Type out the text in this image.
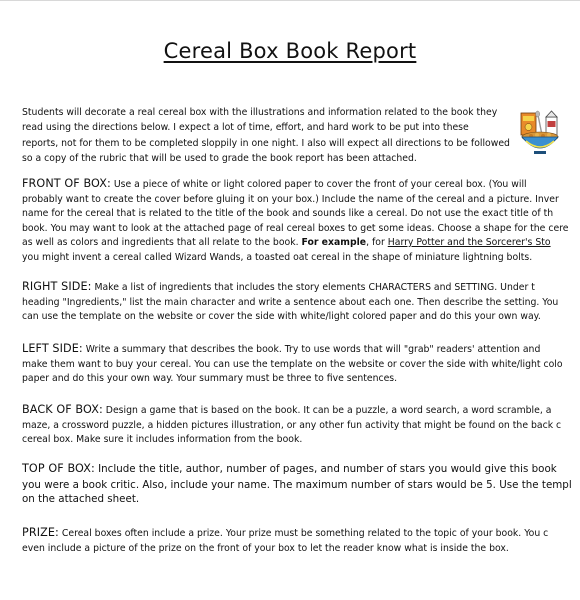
Cereal Box Book Report
Students will decorate a real cereal box with the illustrations and information related to the book they
read using the directions below. I expect a lot of time, effort, and hard work to be put into these
reports, not for them to be completed sloppily in one night. I also will expect all directions to be followed
so a copy of the rubric that will be used to grade the book report has been attached.
FRONT OF BOX: Use a piece of white or light colored paper to cover the front of your cereal box. (You will
probably want to create the cover before gluing it on your box.) Include the name of the cereal and a picture. Inver
name for the cereal that is related to the title of the book and sounds like a cereal. Do not use the exact title of th
book. You may want to look at the attached page of real cereal boxes to get some ideas. Choose a shape for the cere
as well as colors and ingredients that all relate to the book. For example, for Harry Potter and the Sorcerer's Sto
you might invent a cereal called Wizard Wands, a toasted oat cereal in the shape of miniature lightning bolts.
RIGHT SIDE: Make a list of ingredients that includes the story elements CHARACTERS and SETTING. Under t
heading "Ingredients," list the main character and write a sentence about each one. Then describe the setting. You
can use the template on the website or cover the side with white/light colored paper and do this your own way.
LEFT SIDE: Write a summary that describes the book. Try to use words that will "grab" readers' attention and
make them want to buy your cereal. You can use the template on the website or cover the side with white/light colo
paper and do this your own way. Your summary must be three to five sentences.
BACK OF BOX: Design a game that is based on the book. It can be a puzzle, a word search, a word scramble, a
maze, a crossword puzzle, a hidden pictures illustration, or any other fun activity that might be found on the back c
cereal box. Make sure it includes information from the book.
TOP OF BOX: Include the title, author, number of pages, and number of stars you would give this book
you were a book critic. Also, include your name. The maximum number of stars would be 5. Use the templ
on the attached sheet.
PRIZE: Cereal boxes often include a prize. Your prize must be something related to the topic of your book. You c
even include a picture of the prize on the front of your box to let the reader know what is inside the box.
